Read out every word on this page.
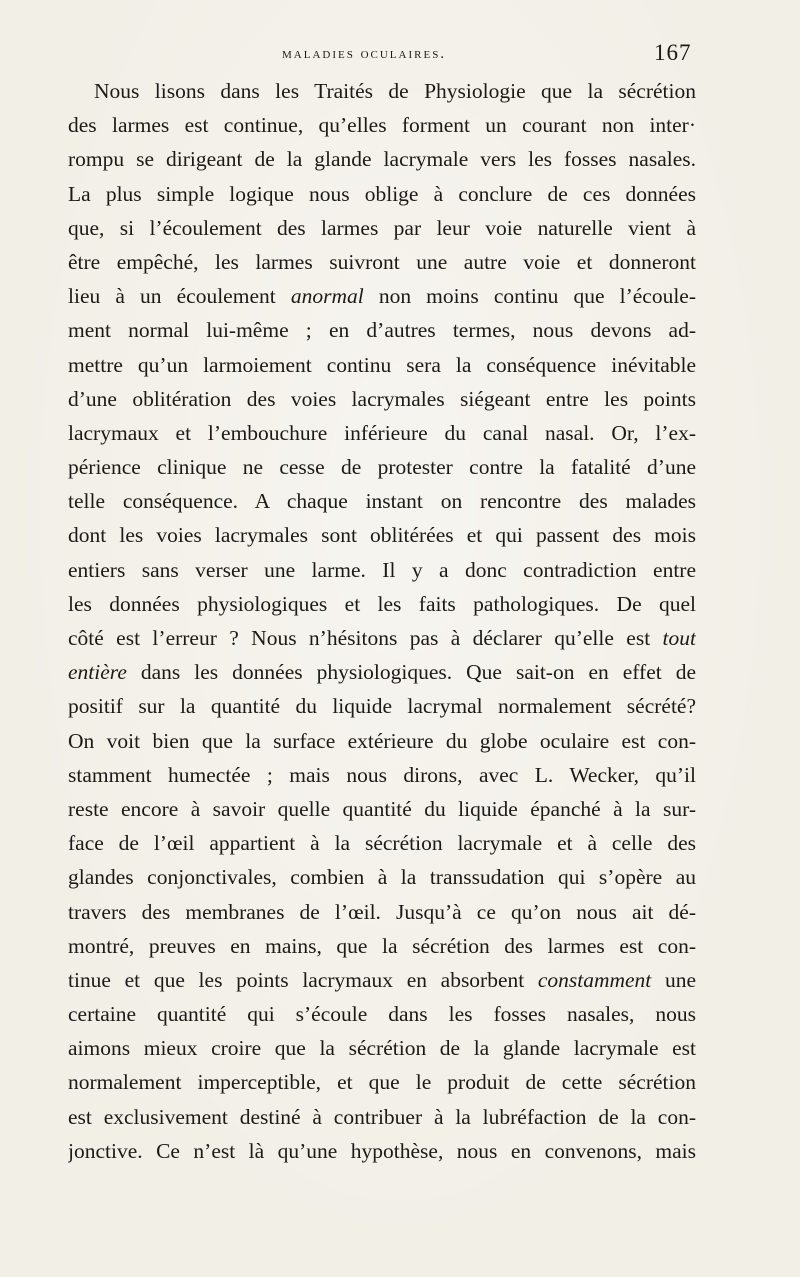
maladies oculaires.	167
Nous lisons dans les Traités de Physiologie que la sécrétion
des larmes est continue, qu’elles forment un courant non inter·
rompu se dirigeant de la glande lacrymale vers les fosses nasales.
La plus simple logique nous oblige à conclure de ces données
que, si l’écoulement des larmes par leur voie naturelle vient à
être empêché, les larmes suivront une autre voie et donneront
lieu à un écoulement anormal non moins continu que l’écoule-
ment normal lui-même ; en d’autres termes, nous devons ad-
mettre qu’un larmoiement continu sera la conséquence inévitable
d’une oblitération des voies lacrymales siégeant entre les points
lacrymaux et l’embouchure inférieure du canal nasal. Or, l’ex-
périence clinique ne cesse de protester contre la fatalité d’une
telle conséquence. A chaque instant on rencontre des malades
dont les voies lacrymales sont oblitérées et qui passent des mois
entiers sans verser une larme. Il y a donc contradiction entre
les données physiologiques et les faits pathologiques. De quel
côté est l’erreur ? Nous n’hésitons pas à déclarer qu’elle est tout
entière dans les données physiologiques. Que sait-on en effet de
positif sur la quantité du liquide lacrymal normalement sécrété?
On voit bien que la surface extérieure du globe oculaire est con-
stamment humectée ; mais nous dirons, avec L. Wecker, qu’il
reste encore à savoir quelle quantité du liquide épanché à la sur-
face de l’œil appartient à la sécrétion lacrymale et à celle des
glandes conjonctivales, combien à la transsudation qui s’opère au
travers des membranes de l’œil. Jusqu’à ce qu’on nous ait dé-
montré, preuves en mains, que la sécrétion des larmes est con-
tinue et que les points lacrymaux en absorbent constamment une
certaine quantité qui s’écoule dans les fosses nasales, nous
aimons mieux croire que la sécrétion de la glande lacrymale est
normalement imperceptible, et que le produit de cette sécrétion
est exclusivement destiné à contribuer à la lubréfaction de la con-
jonctive. Ce n’est là qu’une hypothèse, nous en convenons, mais
